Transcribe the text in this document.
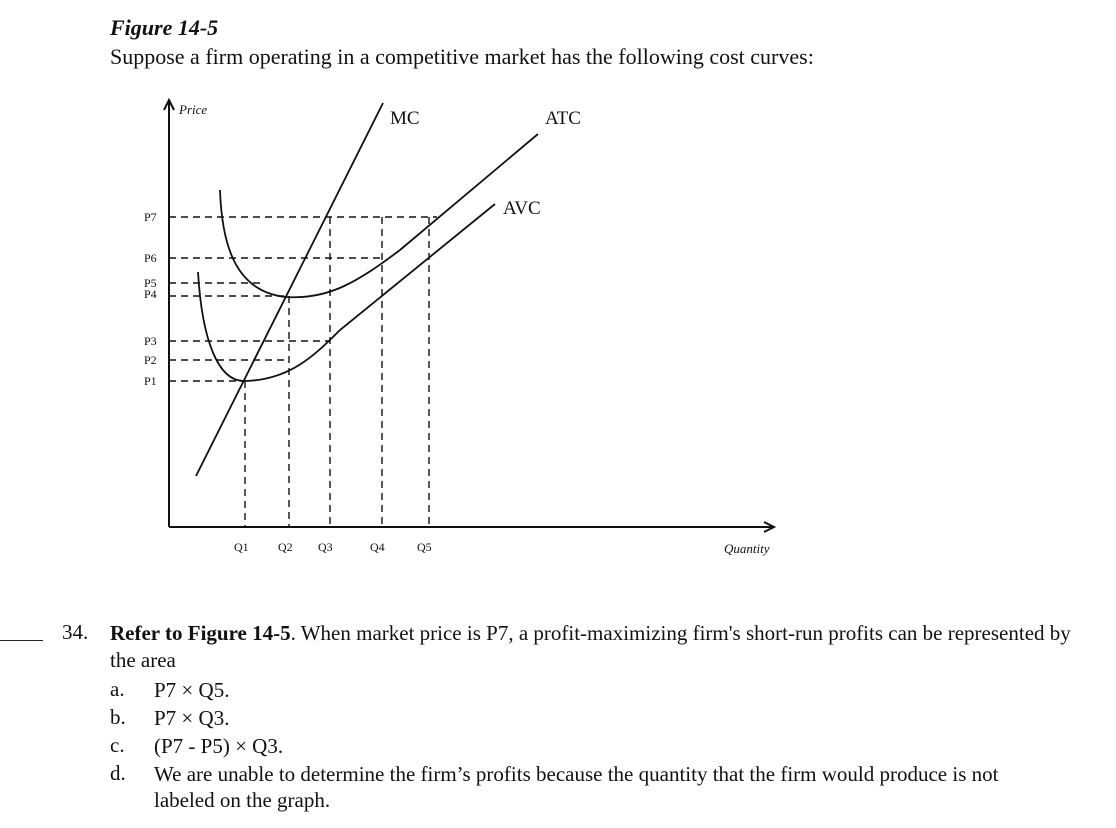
Figure 14-5
Suppose a firm operating in a competitive market has the following cost curves:
Price
Quantity
MC	ATC
AVC
P7
P6
P5
P4
P3
P2
P1
Q1 Q2 Q3	Q4	Q5
34. Refer to Figure 14-5. When market price is P7, a profit-maximizing firm's short-run profits can be represented by the area
a. P7 × Q5.
b. P7 × Q3.
c. (P7 - P5) × Q3.
d. We are unable to determine the firm’s profits because the quantity that the firm would produce is not labeled on the graph.
